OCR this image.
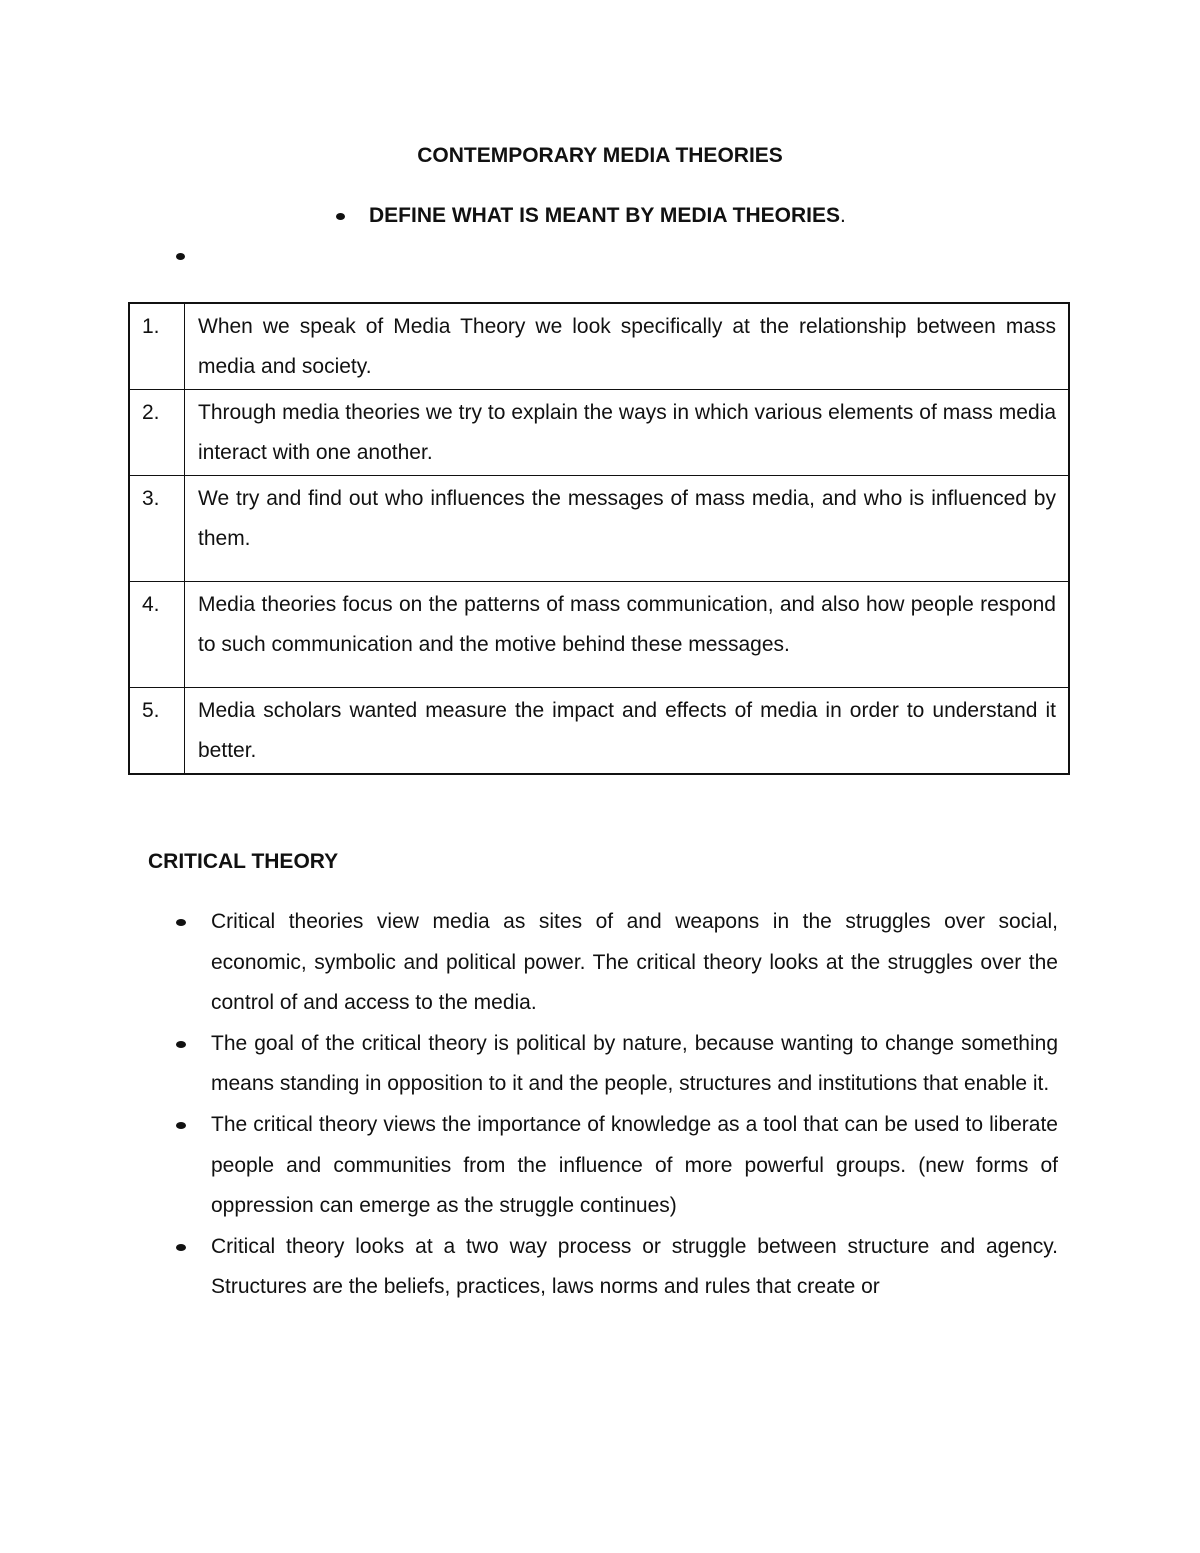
CONTEMPORARY MEDIA THEORIES
DEFINE WHAT IS MEANT BY MEDIA THEORIES.
1.	When we speak of Media Theory we look specifically at the relationship between mass media and society.
2.	Through media theories we try to explain the ways in which various elements of mass media interact with one another.
3.	We try and find out who influences the messages of mass media, and who is influenced by them.
4.	Media theories focus on the patterns of mass communication, and also how people respond to such communication and the motive behind these messages.
5.	Media scholars wanted measure the impact and effects of media in order to understand it better.
CRITICAL THEORY
Critical theories view media as sites of and weapons in the struggles over social, economic, symbolic and political power. The critical theory looks at the struggles over the control of and access to the media.
The goal of the critical theory is political by nature, because wanting to change something means standing in opposition to it and the people, structures and institutions that enable it.
The critical theory views the importance of knowledge as a tool that can be used to liberate people and communities from the influence of more powerful groups. (new forms of oppression can emerge as the struggle continues)
Critical theory looks at a two way process or struggle between structure and agency. Structures are the beliefs, practices, laws norms and rules that create or
